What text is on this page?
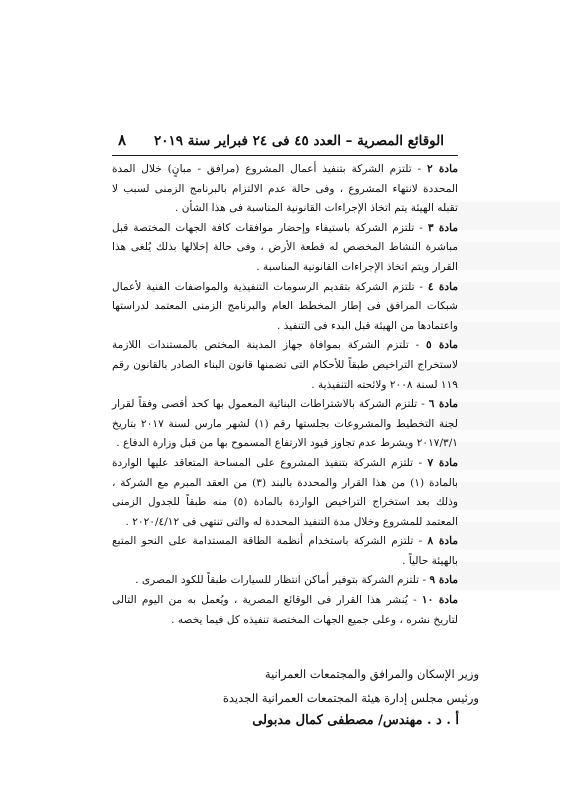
الوقائع المصرية – العدد ٤٥ فى ٢٤ فبراير سنة ٢٠١٩
٨

مادة ٢ - تلتزم الشركة بتنفيذ أعمال المشروع (مرافق - مبانٍ) خلال المدة المحددة لانتهاء المشروع ، وفى حالة عدم الالتزام بالبرنامج الزمنى لسبب لا تقبله الهيئة يتم اتخاذ الإجراءات القانونية المناسبة فى هذا الشأن .

مادة ٣ - تلتزم الشركة باستيفاء وإحضار موافقات كافة الجهات المختصة قبل مباشرة النشاط المخصص له قطعة الأرض ، وفى حالة إخلالها بذلك يُلغى هذا القرار ويتم اتخاذ الإجراءات القانونية المناسبة .

مادة ٤ - تلتزم الشركة بتقديم الرسومات التنفيذية والمواصفات الفنية لأعمال شبكات المرافق فى إطار المخطط العام والبرنامج الزمنى المعتمد لدراستها واعتمادها من الهيئة قبل البدء فى التنفيذ .

مادة ٥ - تلتزم الشركة بموافاة جهاز المدينة المختص بالمستندات اللازمة لاستخراج التراخيص طبقاً للأحكام التى تضمنها قانون البناء الصادر بالقانون رقم ١١٩ لسنة ٢٠٠٨ ولائحته التنفيذية .

مادة ٦ - تلتزم الشركة بالاشتراطات البنائية المعمول بها كحد أقصى وفقاً لقرار لجنة التخطيط والمشروعات بجلستها رقم (١) لشهر مارس لسنة ٢٠١٧ بتاريخ ٢٠١٧/٣/١ ويشرط عدم تجاوز قيود الارتفاع المسموح بها من قبل وزارة الدفاع .

مادة ٧ - تلتزم الشركة بتنفيذ المشروع على المساحة المتعاقد عليها الواردة بالمادة (١) من هذا القرار والمحددة بالبند (٣) من العقد المبرم مع الشركة ، وذلك بعد استخراج التراخيص الواردة بالمادة (٥) منه طبقاً للجدول الزمنى المعتمد للمشروع وخلال مدة التنفيذ المحددة له والتى تنتهى فى ٢٠٢٠/٤/١٢ .

مادة ٨ - تلتزم الشركة باستخدام أنظمة الطاقة المستدامة على النحو المتبع بالهيئة حالياً .

مادة ٩ - تلتزم الشركة بتوفير أماكن انتظار للسيارات طبقاً للكود المصرى .

مادة ١٠ - يُنشر هذا القرار فى الوقائع المصرية ، ويُعمل به من اليوم التالى لتاريخ نشره ، وعلى جميع الجهات المختصة تنفيذه كل فيما يخصه .

وزير الإسكان والمرافق والمجتمعات العمرانية
ورئيس مجلس إدارة هيئة المجتمعات العمرانية الجديدة
أ . د . مهندس/ مصطفى كمال مدبولى
